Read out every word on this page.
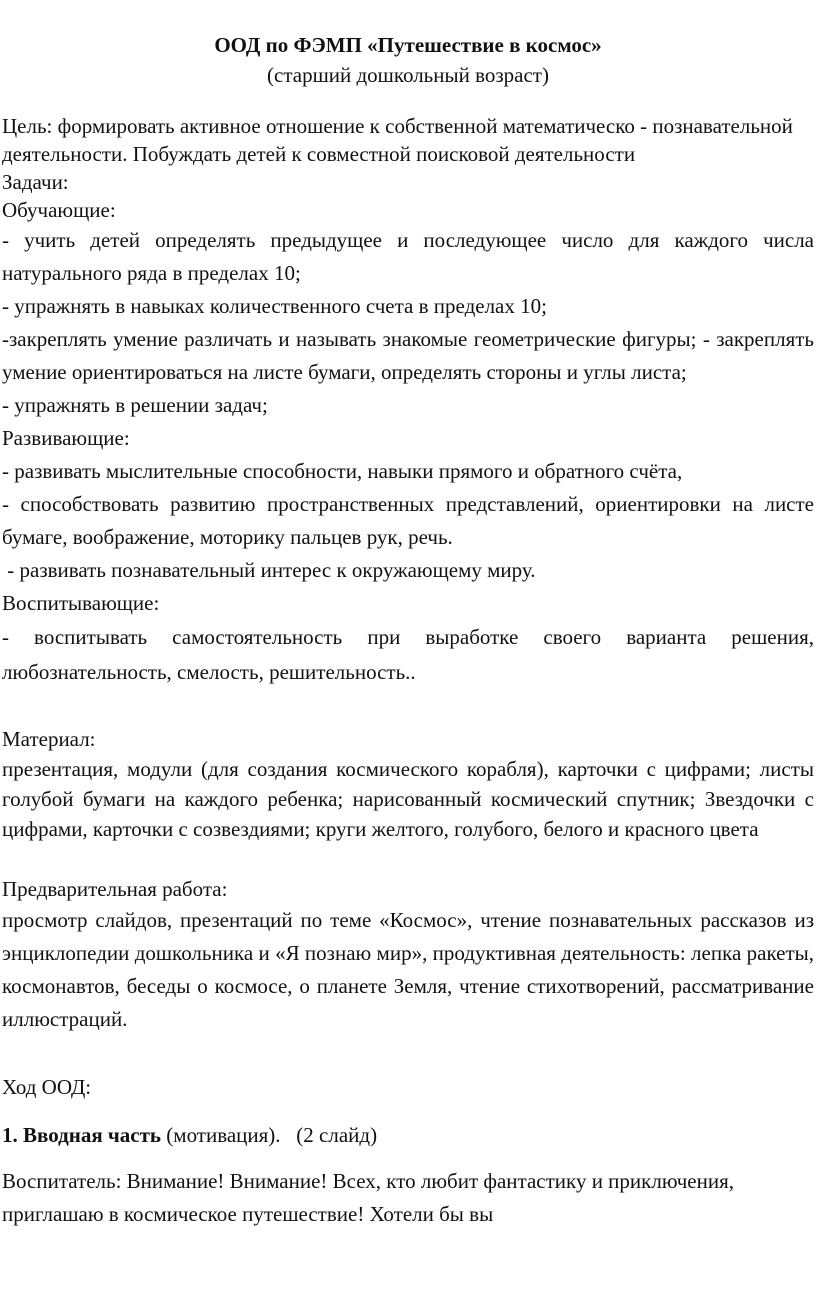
ООД по ФЭМП «Путешествие в космос»

(старший дошкольный возраст)

Цель: формировать активное отношение к собственной математическо - познавательной деятельности. Побуждать детей к совместной поисковой деятельности

Задачи:

Обучающие:

- учить детей определять предыдущее и последующее число для каждого числа натурального ряда в пределах 10;

- упражнять в навыках количественного счета в пределах 10;

-закреплять умение различать и называть знакомые геометрические фигуры; - закреплять умение ориентироваться на листе бумаги, определять стороны и углы листа;

- упражнять в решении задач;

Развивающие:

- развивать мыслительные способности, навыки прямого и обратного счёта,

- способствовать развитию пространственных представлений, ориентировки на листе бумаге, воображение, моторику пальцев рук, речь.

- развивать познавательный интерес к окружающему миру.

Воспитывающие:

- воспитывать самостоятельность при выработке своего варианта решения, любознательность, смелость, решительность..

Материал:

презентация, модули (для создания космического корабля), карточки с цифрами; листы голубой бумаги на каждого ребенка; нарисованный космический спутник; Звездочки с цифрами, карточки с созвездиями; круги желтого, голубого, белого и красного цвета

Предварительная работа:

просмотр слайдов, презентаций по теме «Космос», чтение познавательных рассказов из энциклопедии дошкольника и «Я познаю мир», продуктивная деятельность: лепка ракеты, космонавтов, беседы о космосе, о планете Земля, чтение стихотворений, рассматривание иллюстраций.

Ход ООД:

1. Вводная часть (мотивация).   (2 слайд)

Воспитатель: Внимание! Внимание! Всех, кто любит фантастику и приключения, приглашаю в космическое путешествие! Хотели бы вы
